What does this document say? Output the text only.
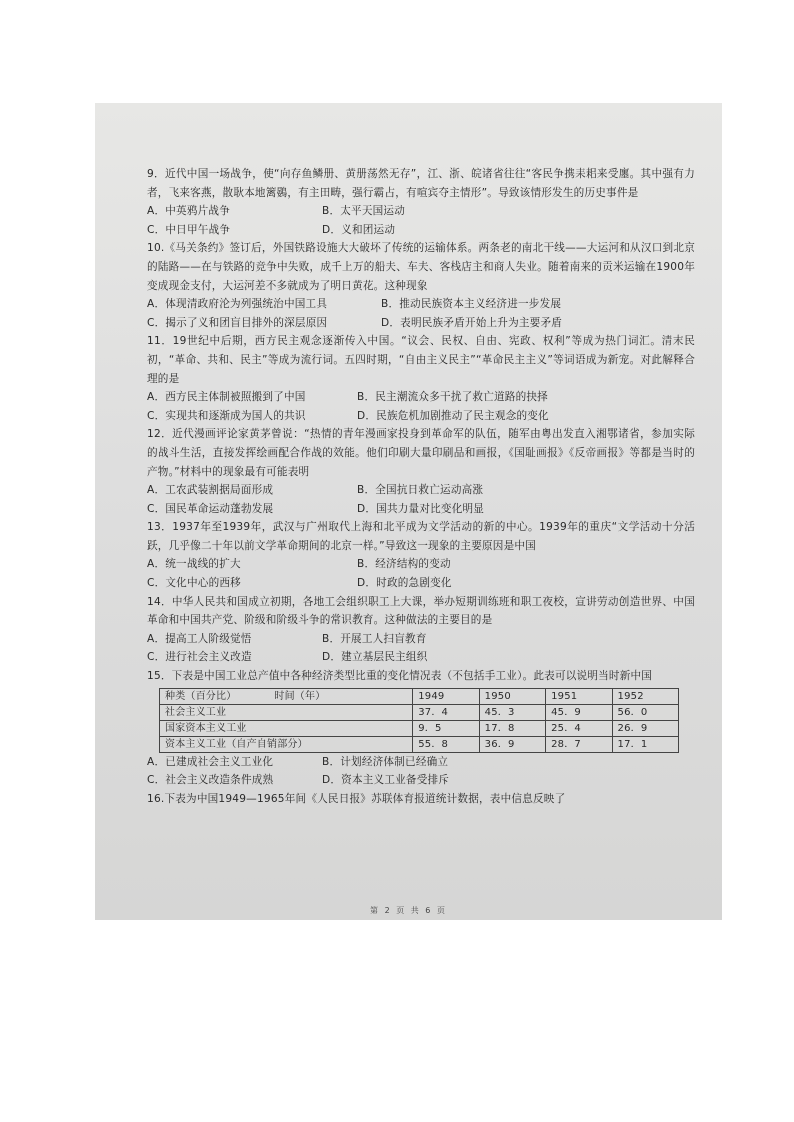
9．近代中国一场战争，使“向存鱼鳞册、黄册荡然无存”，江、浙、皖诸省往往“客民争携耒耜来受廛。其中强有力者，飞来客燕，散耿本地篱鷃，有主田畴，强行霸占，有喧宾夺主情形”。导致该情形发生的历史事件是

A．中英鸦片战争	B．太平天国运动
C．中日甲午战争	D．义和团运动

10.《马关条约》签订后，外国铁路设施大大破坏了传统的运输体系。两条老的南北干线——大运河和从汉口到北京的陆路——在与铁路的竞争中失败，成千上万的船夫、车夫、客栈店主和商人失业。随着南来的贡米运输在1900年变成现金支付，大运河差不多就成为了明日黄花。这种现象

A．体现清政府沦为列强统治中国工具	B．推动民族资本主义经济进一步发展
C．揭示了义和团盲目排外的深层原因	D．表明民族矛盾开始上升为主要矛盾

11．19世纪中后期，西方民主观念逐渐传入中国。“议会、民权、自由、宪政、权利”等成为热门词汇。清末民初，“革命、共和、民主”等成为流行词。五四时期，“自由主义民主”“革命民主主义”等词语成为新宠。对此解释合理的是

A．西方民主体制被照搬到了中国	B．民主潮流众多干扰了救亡道路的抉择
C．实现共和逐渐成为国人的共识	D．民族危机加剧推动了民主观念的变化

12．近代漫画评论家黄茅曾说：“热情的青年漫画家投身到革命军的队伍，随军由粤出发直入湘鄂诸省，参加实际的战斗生活，直接发挥绘画配合作战的效能。他们印刷大量印刷品和画报，《国耻画报》《反帝画报》等都是当时的产物。”材料中的现象最有可能表明

A．工农武装割据局面形成	B．全国抗日救亡运动高涨
C．国民革命运动蓬勃发展	D．国共力量对比变化明显

13．1937年至1939年，武汉与广州取代上海和北平成为文学活动的新的中心。1939年的重庆“文学活动十分活跃，几乎像二十年以前文学革命期间的北京一样。”导致这一现象的主要原因是中国

A．统一战线的扩大	B．经济结构的变动
C．文化中心的西移	D．时政的急剧变化

14．中华人民共和国成立初期，各地工会组织职工上大课，举办短期训练班和职工夜校，宣讲劳动创造世界、中国革命和中国共产党、阶级和阶级斗争的常识教育。这种做法的主要目的是

A．提高工人阶级觉悟	B．开展工人扫盲教育
C．进行社会主义改造	D．建立基层民主组织

15．下表是中国工业总产值中各种经济类型比重的变化情况表（不包括手工业）。此表可以说明当时新中国

种类（百分比） 时间（年）	1949	1950	1951	1952
社会主义工业	37．4	45．3	45．9	56．0
国家资本主义工业	9．5	17．8	25．4	26．9
资本主义工业（自产自销部分）	55．8	36．9	28．7	17．1
A．已建成社会主义工业化	B．计划经济体制已经确立
C．社会主义改造条件成熟	D．资本主义工业备受排斥

16.下表为中国1949—1965年间《人民日报》苏联体育报道统计数据，表中信息反映了

第 2 页 共 6 页
